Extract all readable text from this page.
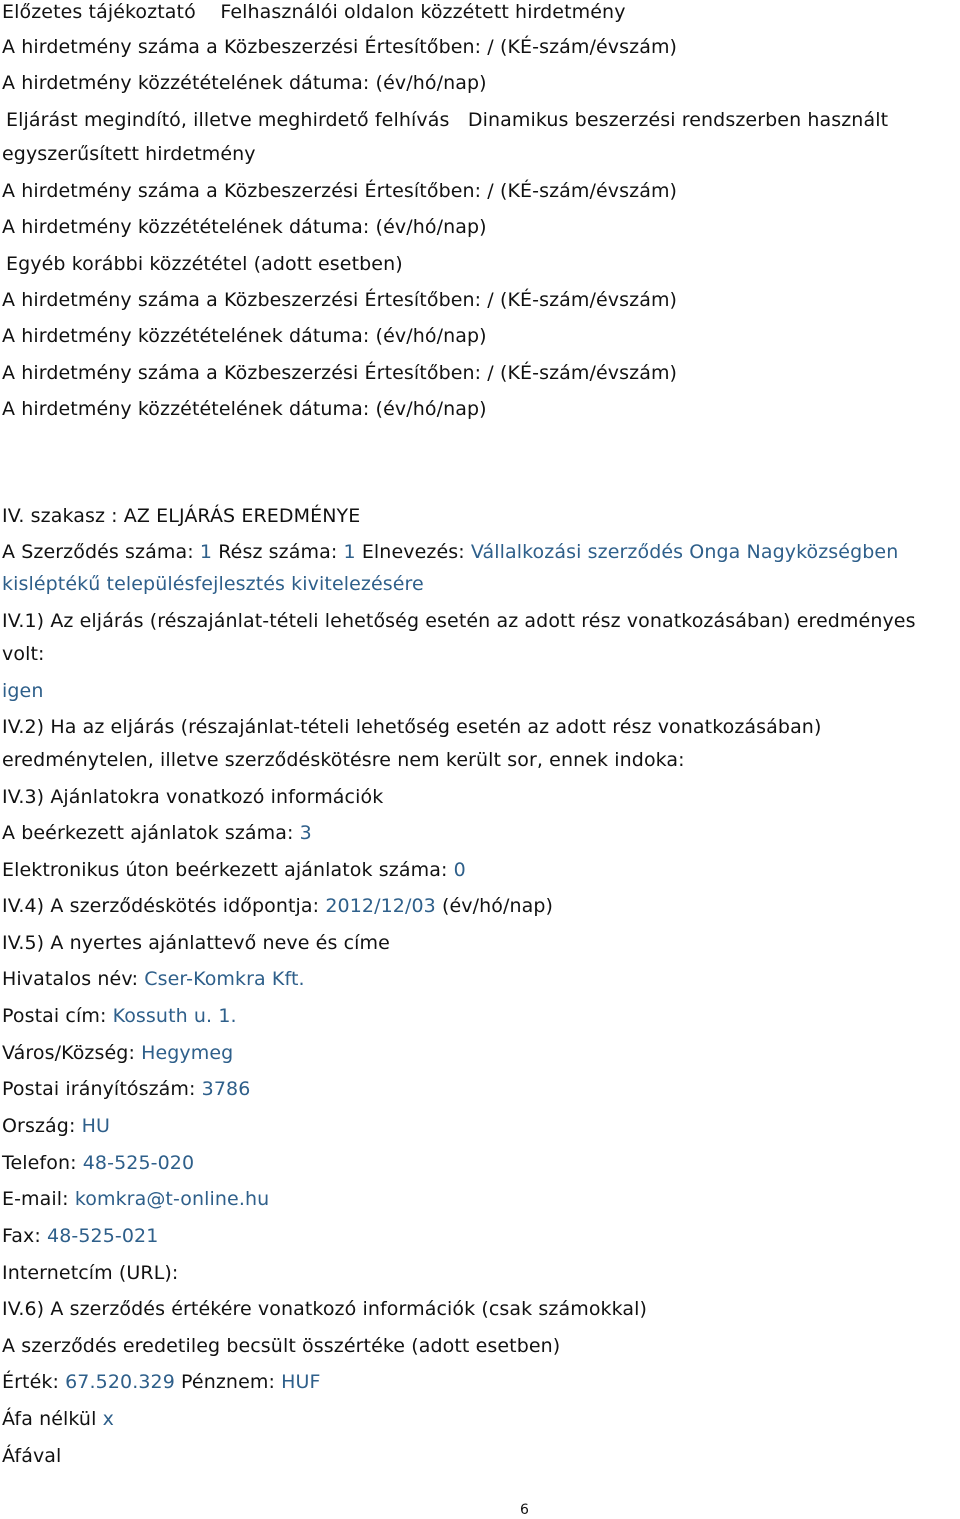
Előzetes tájékoztató Felhasználói oldalon közzétett hirdetmény
A hirdetmény száma a Közbeszerzési Értesítőben: / (KÉ-szám/évszám)
A hirdetmény közzétételének dátuma: (év/hó/nap)
Eljárást megindító, illetve meghirdető felhívás Dinamikus beszerzési rendszerben használt
egyszerűsített hirdetmény
A hirdetmény száma a Közbeszerzési Értesítőben: / (KÉ-szám/évszám)
A hirdetmény közzétételének dátuma: (év/hó/nap)
Egyéb korábbi közzététel (adott esetben)
A hirdetmény száma a Közbeszerzési Értesítőben: / (KÉ-szám/évszám)
A hirdetmény közzétételének dátuma: (év/hó/nap)
A hirdetmény száma a Közbeszerzési Értesítőben: / (KÉ-szám/évszám)
A hirdetmény közzétételének dátuma: (év/hó/nap)
IV. szakasz : AZ ELJÁRÁS EREDMÉNYE
A Szerződés száma: 1 Rész száma: 1 Elnevezés: Vállalkozási szerződés Onga Nagyközségben
kisléptékű településfejlesztés kivitelezésére
IV.1) Az eljárás (részajánlat-tételi lehetőség esetén az adott rész vonatkozásában) eredményes
volt:
igen
IV.2) Ha az eljárás (részajánlat-tételi lehetőség esetén az adott rész vonatkozásában)
eredménytelen, illetve szerződéskötésre nem került sor, ennek indoka:
IV.3) Ajánlatokra vonatkozó információk
A beérkezett ajánlatok száma: 3
Elektronikus úton beérkezett ajánlatok száma: 0
IV.4) A szerződéskötés időpontja: 2012/12/03 (év/hó/nap)
IV.5) A nyertes ajánlattevő neve és címe
Hivatalos név: Cser-Komkra Kft.
Postai cím: Kossuth u. 1.
Város/Község: Hegymeg
Postai irányítószám: 3786
Ország: HU
Telefon: 48-525-020
E-mail: komkra@t-online.hu
Fax: 48-525-021
Internetcím (URL):
IV.6) A szerződés értékére vonatkozó információk (csak számokkal)
A szerződés eredetileg becsült összértéke (adott esetben)
Érték: 67.520.329 Pénznem: HUF
Áfa nélkül x
Áfával
6
